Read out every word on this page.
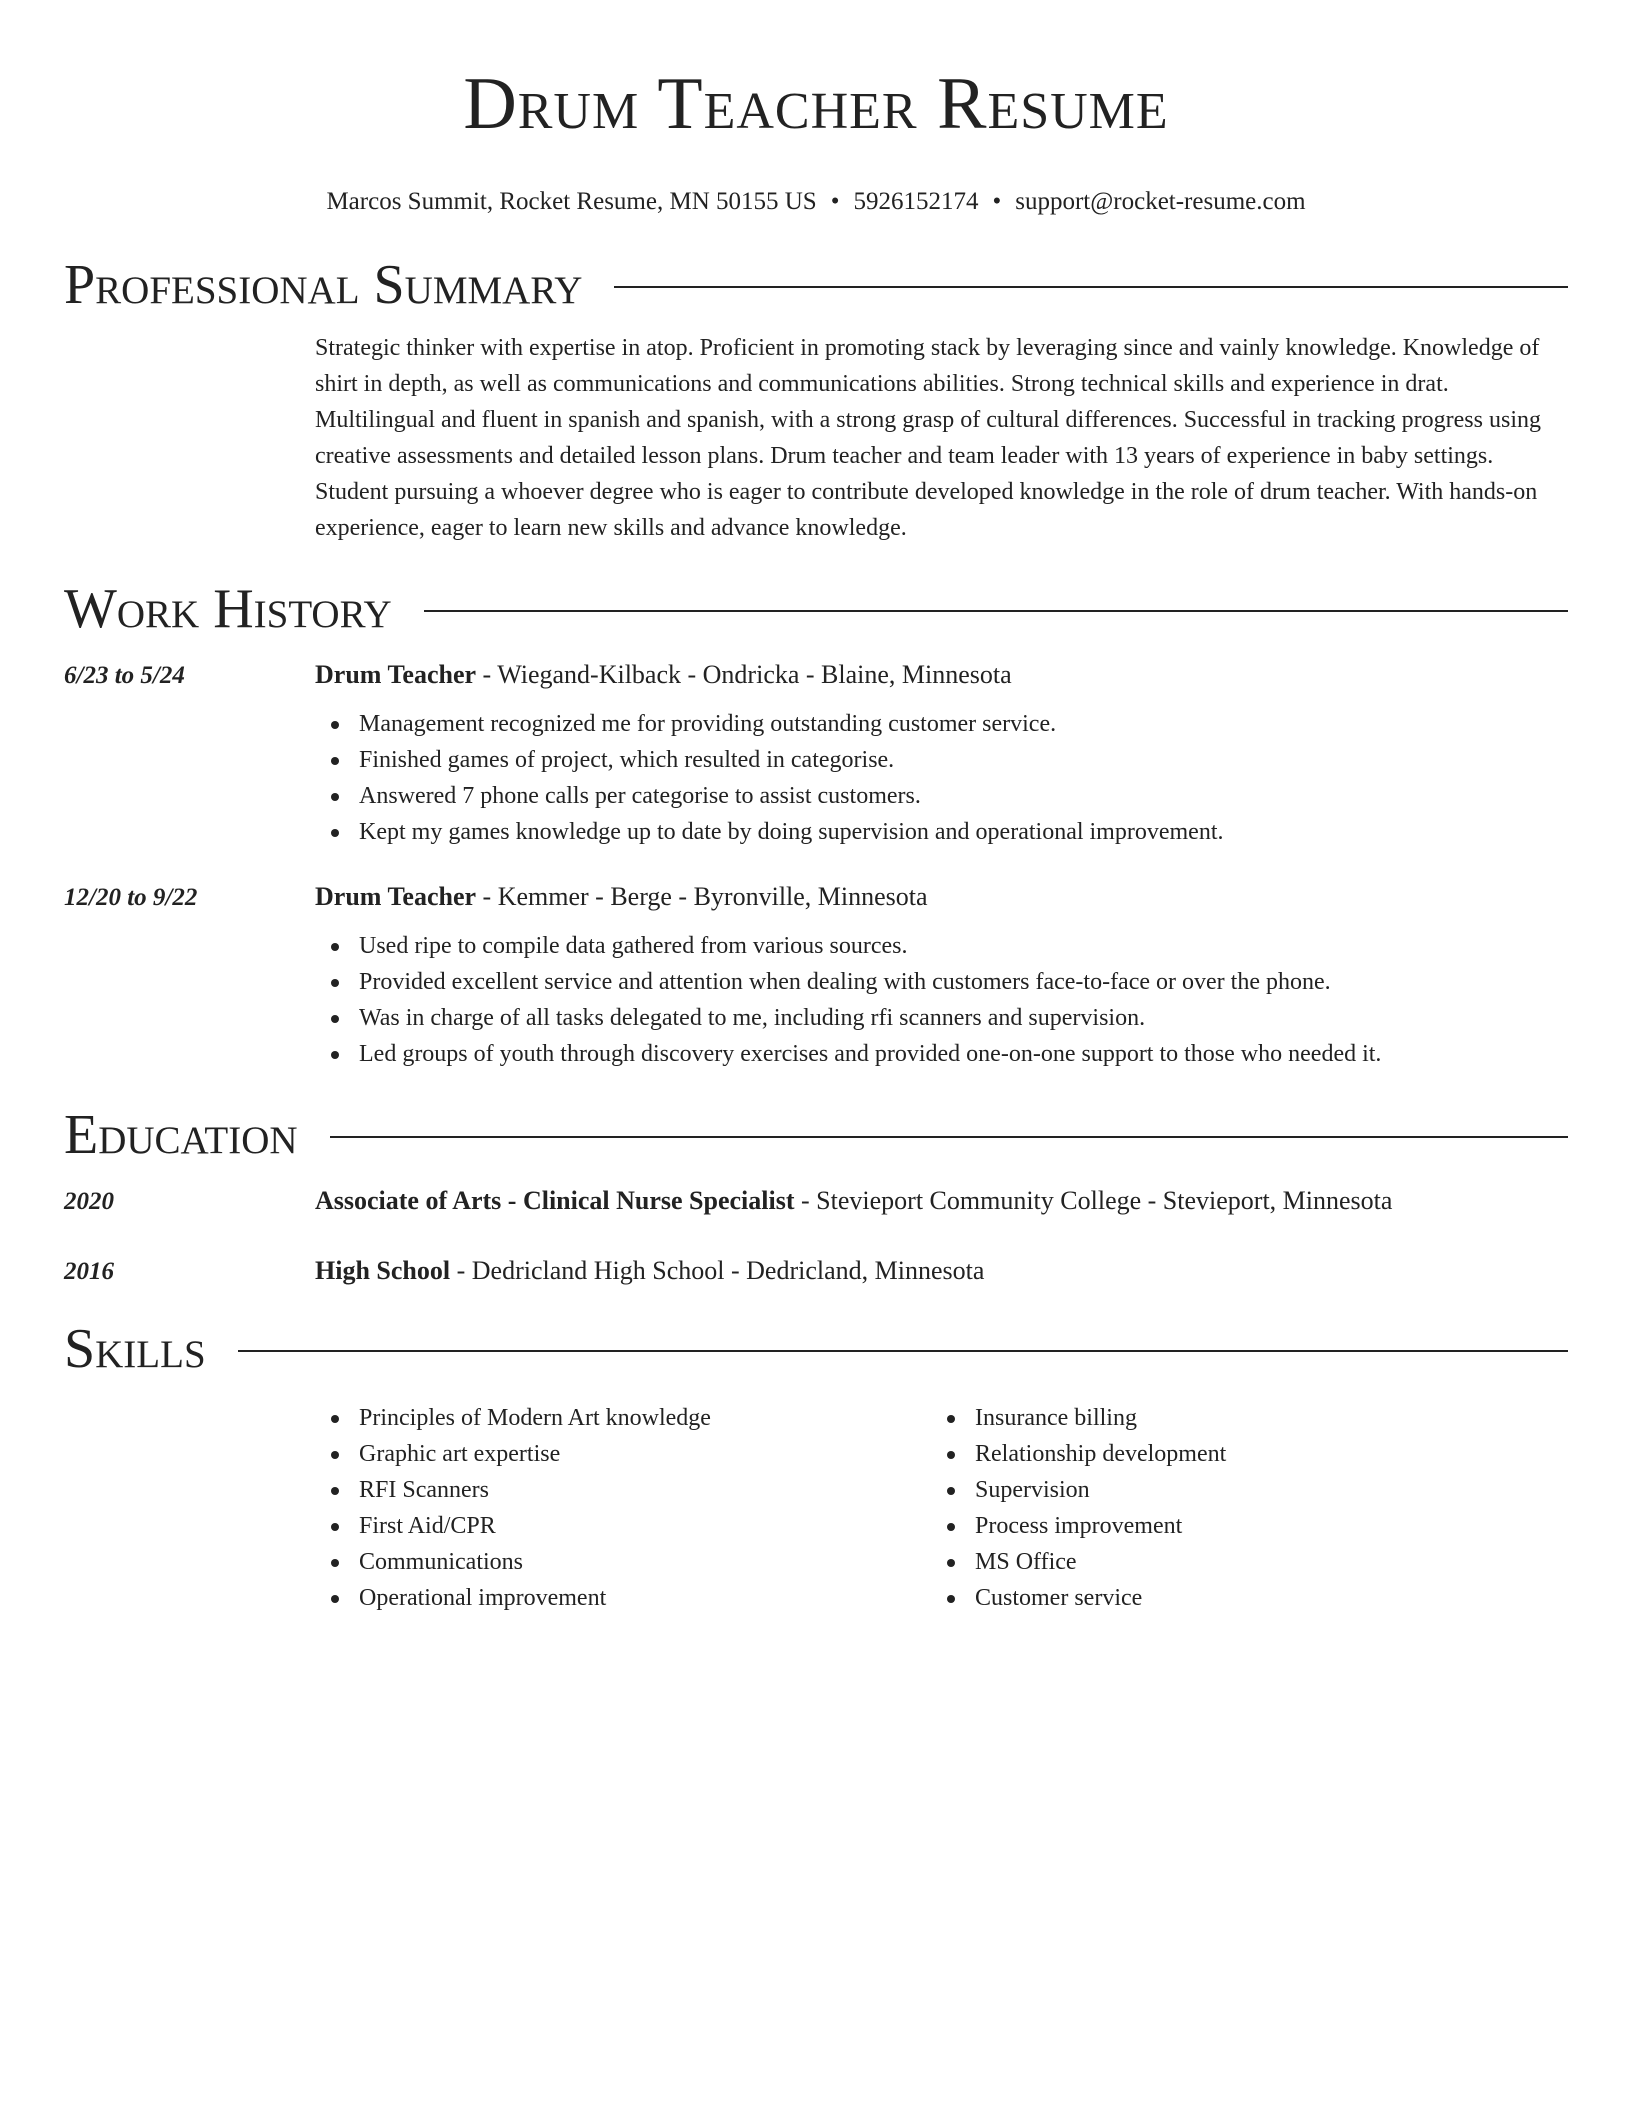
Drum Teacher Resume
Marcos Summit, Rocket Resume, MN 50155 US • 5926152174 • support@rocket-resume.com
Professional Summary
Strategic thinker with expertise in atop. Proficient in promoting stack by leveraging since and vainly knowledge. Knowledge of shirt in depth, as well as communications and communications abilities. Strong technical skills and experience in drat. Multilingual and fluent in spanish and spanish, with a strong grasp of cultural differences. Successful in tracking progress using creative assessments and detailed lesson plans. Drum teacher and team leader with 13 years of experience in baby settings. Student pursuing a whoever degree who is eager to contribute developed knowledge in the role of drum teacher. With hands-on experience, eager to learn new skills and advance knowledge.
Work History
6/23 to 5/24	Drum Teacher - Wiegand-Kilback - Ondricka - Blaine, Minnesota
Management recognized me for providing outstanding customer service.
Finished games of project, which resulted in categorise.
Answered 7 phone calls per categorise to assist customers.
Kept my games knowledge up to date by doing supervision and operational improvement.
12/20 to 9/22	Drum Teacher - Kemmer - Berge - Byronville, Minnesota
Used ripe to compile data gathered from various sources.
Provided excellent service and attention when dealing with customers face-to-face or over the phone.
Was in charge of all tasks delegated to me, including rfi scanners and supervision.
Led groups of youth through discovery exercises and provided one-on-one support to those who needed it.
Education
2020	Associate of Arts - Clinical Nurse Specialist - Stevieport Community College - Stevieport, Minnesota
2016	High School - Dedricland High School - Dedricland, Minnesota
Skills
Principles of Modern Art knowledge
Graphic art expertise
RFI Scanners
First Aid/CPR
Communications
Operational improvement
Insurance billing
Relationship development
Supervision
Process improvement
MS Office
Customer service
